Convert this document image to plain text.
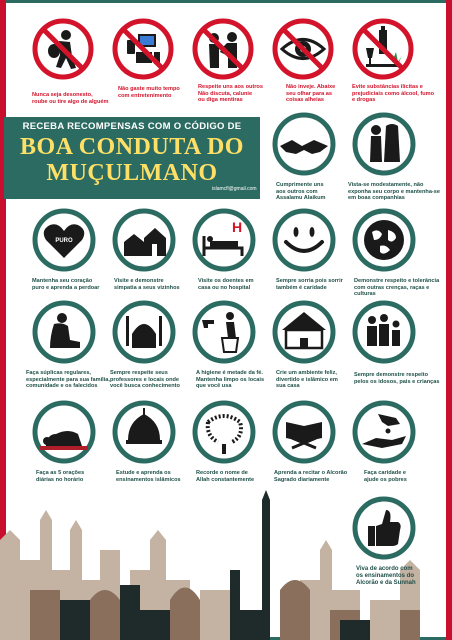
Nunca seja desonesto,
roube ou tire algo de alguém
Não gaste muito tempo
com entretenimento
Respeite uns aos outros
Não discuta, calunie
ou diga mentiras
Não inveje. Abaixe
seu olhar para as
coisas alheias
Evite substâncias ilícitas e
prejudiciais como álcool, fumo
e drogas
RECEBA RECOMPENSAS COM O CÓDIGO DE
BOA CONDUTA DO
MUÇULMANO
islamcfl@gmail.com
Cumprimente uns
aos outros com
Assalamu Alaikum
Vista-se modestamente, não
exponha seu corpo e mantenha-se
em boas companhias
PURO
H
Mantenha seu coração
puro e aprenda a perdoar
Visite e demonstre
simpatia a seus vizinhos
Visite os doentes em
casa ou no hospital
Sempre sorria pois sorrir
também é caridade
Demonstre respeito e tolerância
com outras crenças, raças e
culturas
Faça súplicas regulares,
especialmente para sua família,
comunidade e os falecidos
Sempre respeite seus
professores e locais onde
você busca conhecimento
A higiene é metade da fé.
Mantenha limpo os locais
que você usa
Crie um ambiente feliz,
divertido e islâmico em
sua casa
Sempre demonstre respeito
pelos os idosos, pais e crianças
Faça as 5 orações
diárias no horário
Estude e aprenda os
ensinamentos islâmicos
Recorde o nome de
Allah constantemente
Aprenda a recitar o Alcorão
Sagrado diariamente
Faça caridade e
ajude os pobres
Viva de acordo com
os ensinamentos do
Alcorão e da Sunnah
